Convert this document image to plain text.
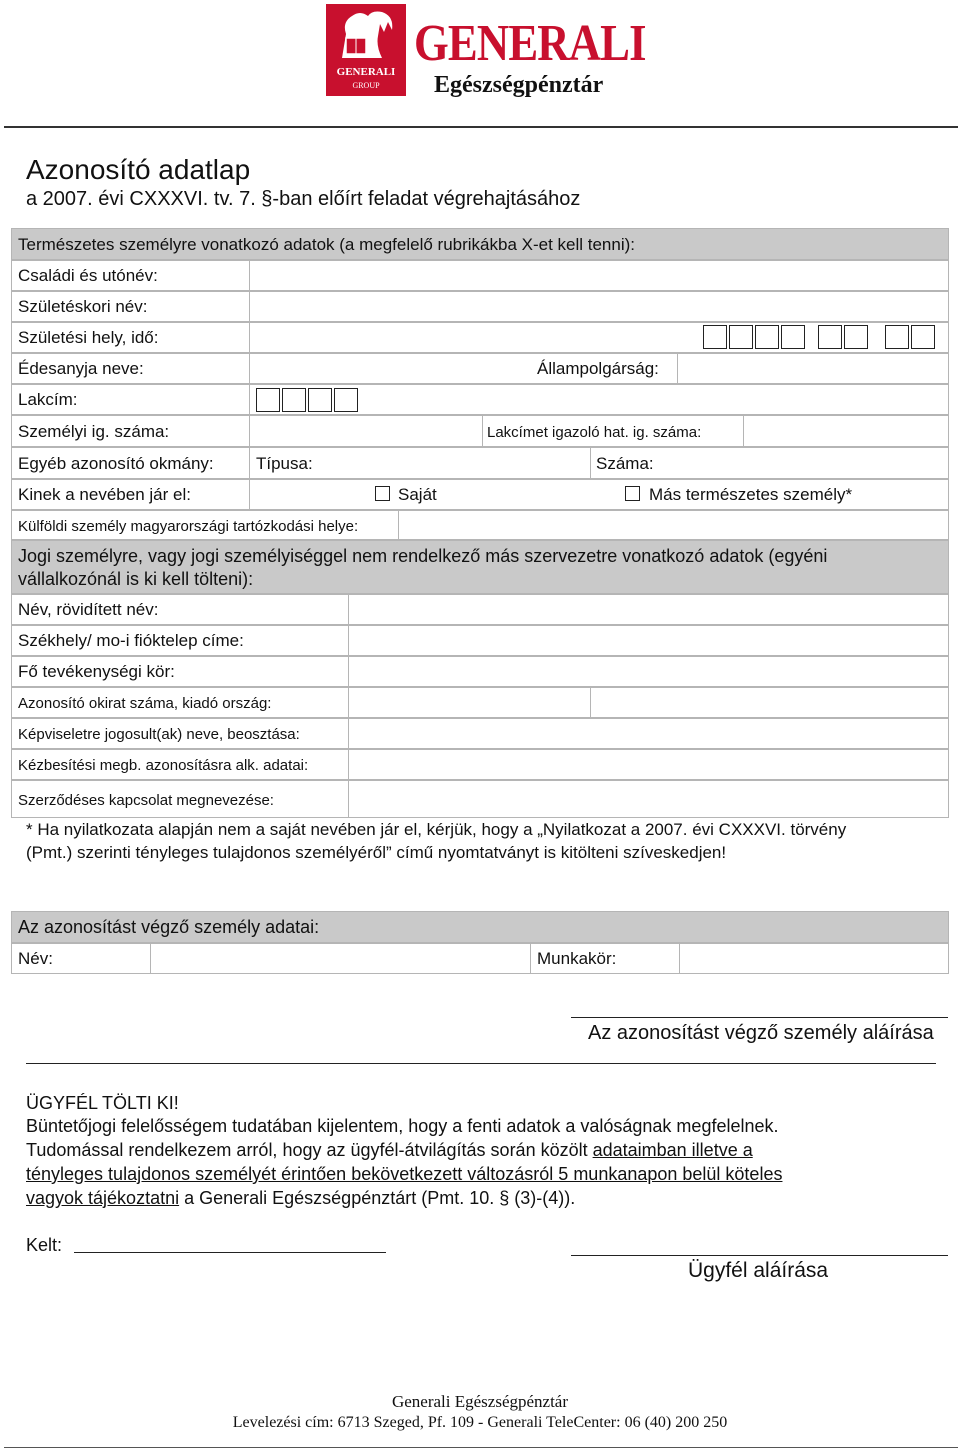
GENERALI
GROUP
GENERALI
Egészségpénztár
Azonosító adatlap
a 2007. évi CXXXVI. tv. 7. §-ban előírt feladat végrehajtásához
Természetes személyre vonatkozó adatok (a megfelelő rubrikákba X-et kell tenni):
Családi és utónév:
Születéskori név:
Születési hely, idő:
Édesanyja neve:	Állampolgárság:
Lakcím:
Személyi ig. száma:	Lakcímet igazoló hat. ig. száma:
Egyéb azonosító okmány: Típusa:	Száma:
Kinek a nevében jár el:	Saját	Más természetes személy*
Külföldi személy magyarországi tartózkodási helye:
Jogi személyre, vagy jogi személyiséggel nem rendelkező más szervezetre vonatkozó adatok (egyéni
vállalkozónál is ki kell tölteni):
Név, rövidített név:
Székhely/ mo-i fióktelep címe:
Fő tevékenységi kör:
Azonosító okirat száma, kiadó ország:
Képviseletre jogosult(ak) neve, beosztása:
Kézbesítési megb. azonosításra alk. adatai:
Szerződéses kapcsolat megnevezése:
* Ha nyilatkozata alapján nem a saját nevében jár el, kérjük, hogy a „Nyilatkozat a 2007. évi CXXXVI. törvény
(Pmt.) szerinti tényleges tulajdonos személyéről” című nyomtatványt is kitölteni szíveskedjen!
Az azonosítást végző személy adatai:
Név:	Munkakör:
Az azonosítást végző személy aláírása
ÜGYFÉL TÖLTI KI!
Büntetőjogi felelősségem tudatában kijelentem, hogy a fenti adatok a valóságnak megfelelnek.
Tudomással rendelkezem arról, hogy az ügyfél-átvilágítás során közölt adataimban illetve a
tényleges tulajdonos személyét érintően bekövetkezett változásról 5 munkanapon belül köteles
vagyok tájékoztatni a Generali Egészségpénztárt (Pmt. 10. § (3)-(4)).
Kelt:
Ügyfél aláírása
Generali Egészségpénztár
Levelezési cím: 6713 Szeged, Pf. 109 - Generali TeleCenter: 06 (40) 200 250
